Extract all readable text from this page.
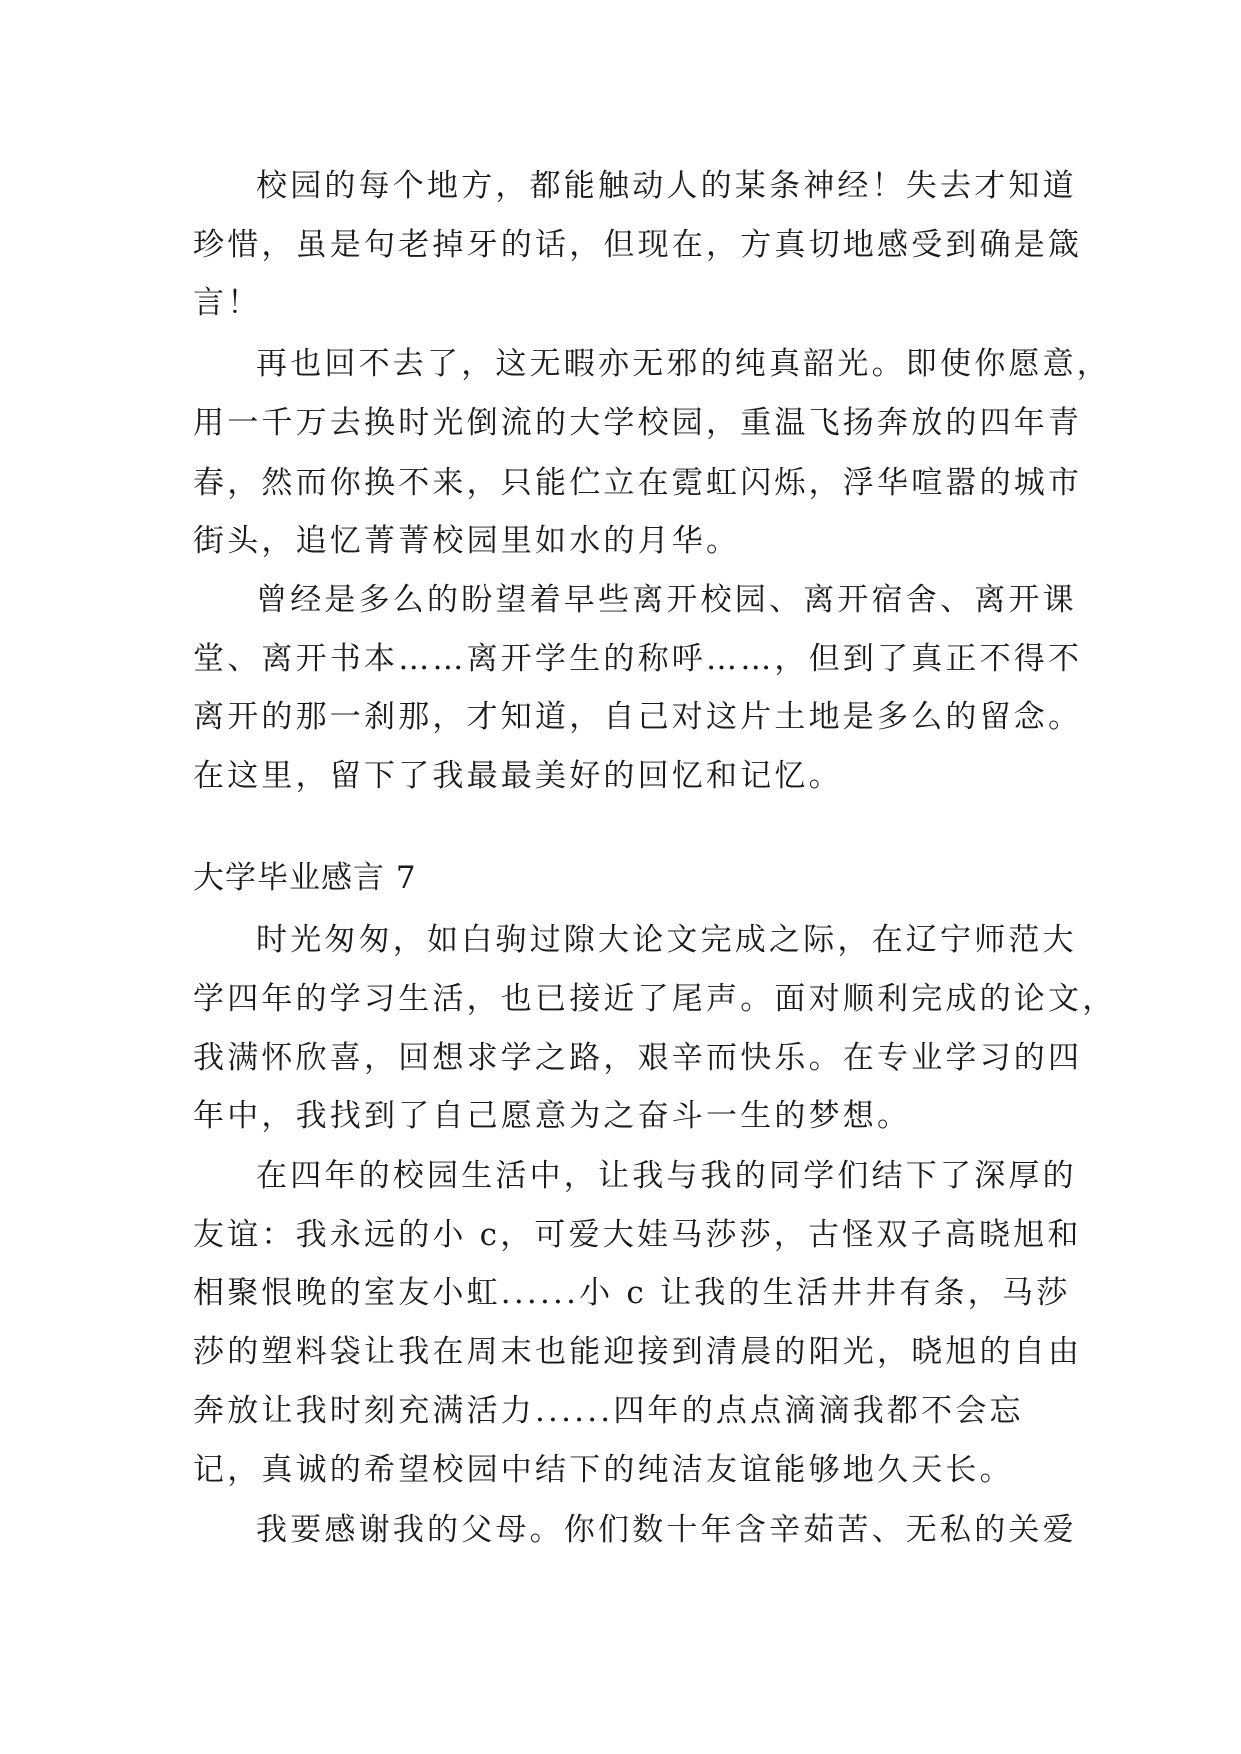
校园的每个地方，都能触动人的某条神经！失去才知道
珍惜，虽是句老掉牙的话，但现在，方真切地感受到确是箴
言！
再也回不去了，这无暇亦无邪的纯真韶光。即使你愿意，
用一千万去换时光倒流的大学校园，重温飞扬奔放的四年青
春，然而你换不来，只能伫立在霓虹闪烁，浮华喧嚣的城市
街头，追忆菁菁校园里如水的月华。
曾经是多么的盼望着早些离开校园、离开宿舍、离开课
堂、离开书本……离开学生的称呼……，但到了真正不得不
离开的那一刹那，才知道，自己对这片土地是多么的留念。
在这里，留下了我最最美好的回忆和记忆。
大学毕业感言 7
时光匆匆，如白驹过隙大论文完成之际，在辽宁师范大
学四年的学习生活，也已接近了尾声。面对顺利完成的论文，
我满怀欣喜，回想求学之路，艰辛而快乐。在专业学习的四
年中，我找到了自己愿意为之奋斗一生的梦想。
在四年的校园生活中，让我与我的同学们结下了深厚的
友谊：我永远的小 c，可爱大娃马莎莎，古怪双子高晓旭和
相聚恨晚的室友小虹......小 c 让我的生活井井有条，马莎
莎的塑料袋让我在周末也能迎接到清晨的阳光，晓旭的自由
奔放让我时刻充满活力......四年的点点滴滴我都不会忘
记，真诚的希望校园中结下的纯洁友谊能够地久天长。
我要感谢我的父母。你们数十年含辛茹苦、无私的关爱
